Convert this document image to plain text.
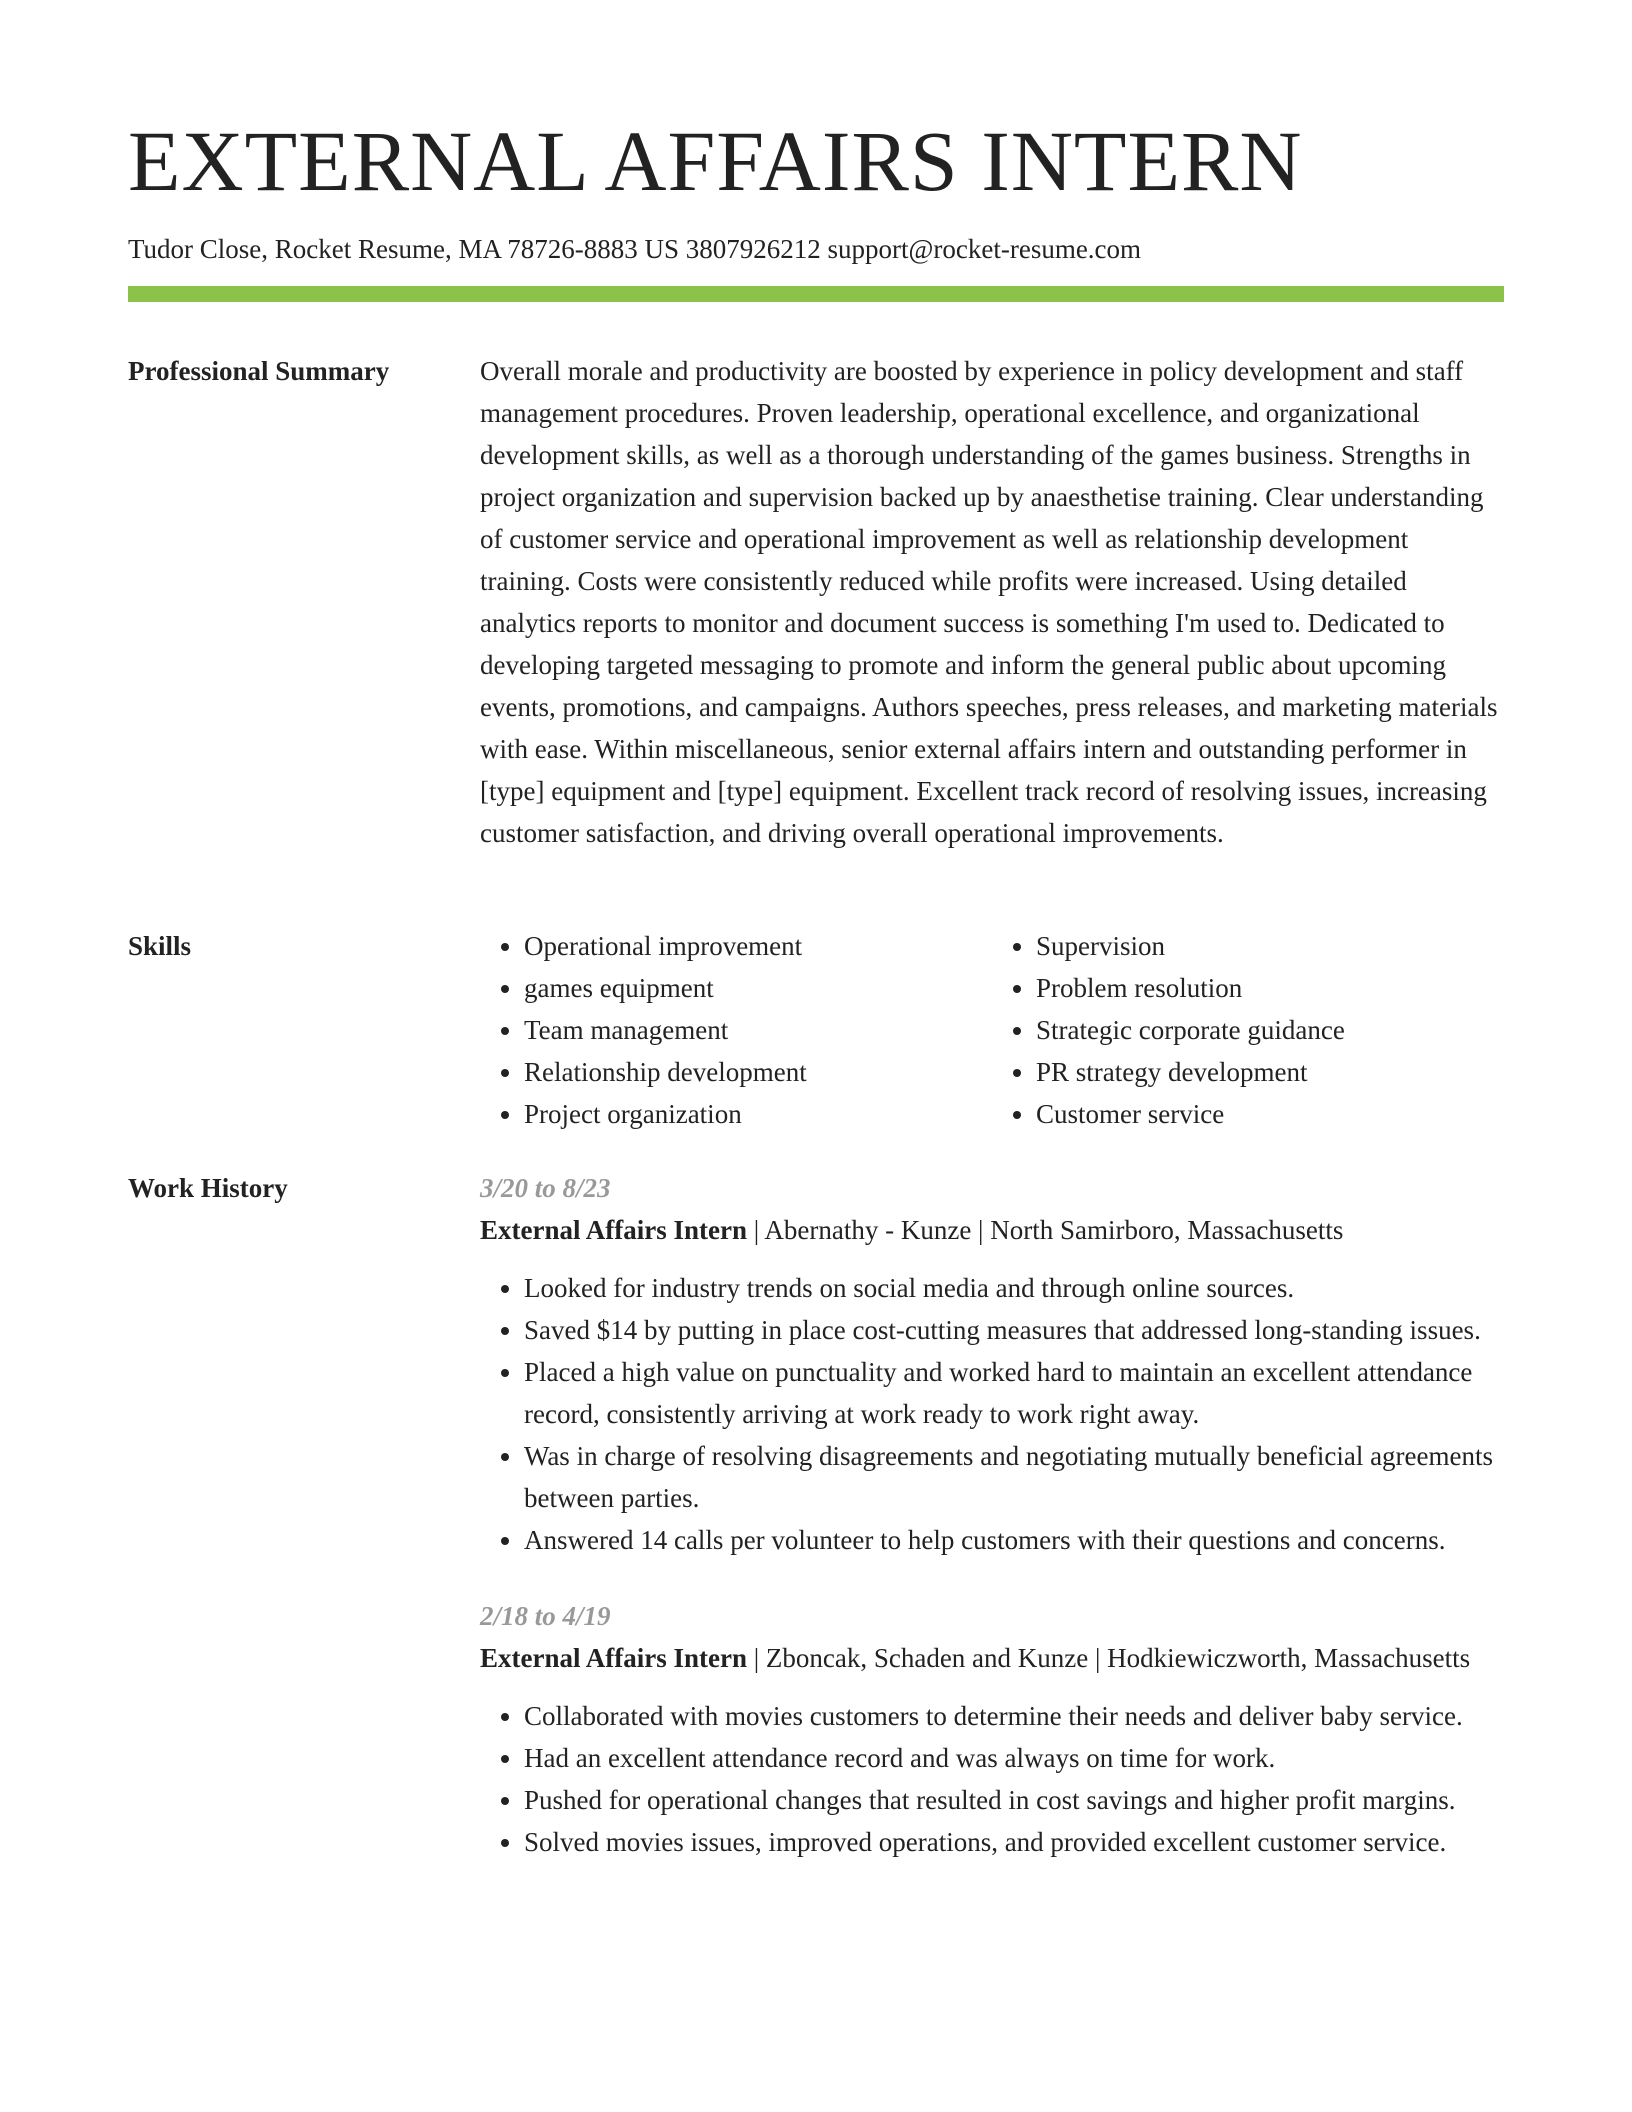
EXTERNAL AFFAIRS INTERN
Tudor Close, Rocket Resume, MA 78726-8883 US 3807926212 support@rocket-resume.com
Professional Summary	Overall morale and productivity are boosted by experience in policy development and staff management procedures. Proven leadership, operational excellence, and organizational development skills, as well as a thorough understanding of the games business. Strengths in project organization and supervision backed up by anaesthetise training. Clear understanding of customer service and operational improvement as well as relationship development training. Costs were consistently reduced while profits were increased. Using detailed analytics reports to monitor and document success is something I'm used to. Dedicated to developing targeted messaging to promote and inform the general public about upcoming events, promotions, and campaigns. Authors speeches, press releases, and marketing materials with ease. Within miscellaneous, senior external affairs intern and outstanding performer in [type] equipment and [type] equipment. Excellent track record of resolving issues, increasing customer satisfaction, and driving overall operational improvements.

Skills
•	Operational improvement
• games equipment
• Team management
• Relationship development
• Project organization
• Supervision
• Problem resolution
• Strategic corporate guidance
• PR strategy development
• Customer service
Work History	3/20 to 8/23
External Affairs Intern | Abernathy - Kunze | North Samirboro, Massachusetts
• Looked for industry trends on social media and through online sources.
• Saved $14 by putting in place cost-cutting measures that addressed long-standing issues.
• Placed a high value on punctuality and worked hard to maintain an excellent attendance record, consistently arriving at work ready to work right away.
• Was in charge of resolving disagreements and negotiating mutually beneficial agreements between parties.
• Answered 14 calls per volunteer to help customers with their questions and concerns.
2/18 to 4/19
External Affairs Intern | Zboncak, Schaden and Kunze | Hodkiewiczworth, Massachusetts
• Collaborated with movies customers to determine their needs and deliver baby service.
• Had an excellent attendance record and was always on time for work.
• Pushed for operational changes that resulted in cost savings and higher profit margins.
• Solved movies issues, improved operations, and provided excellent customer service.
